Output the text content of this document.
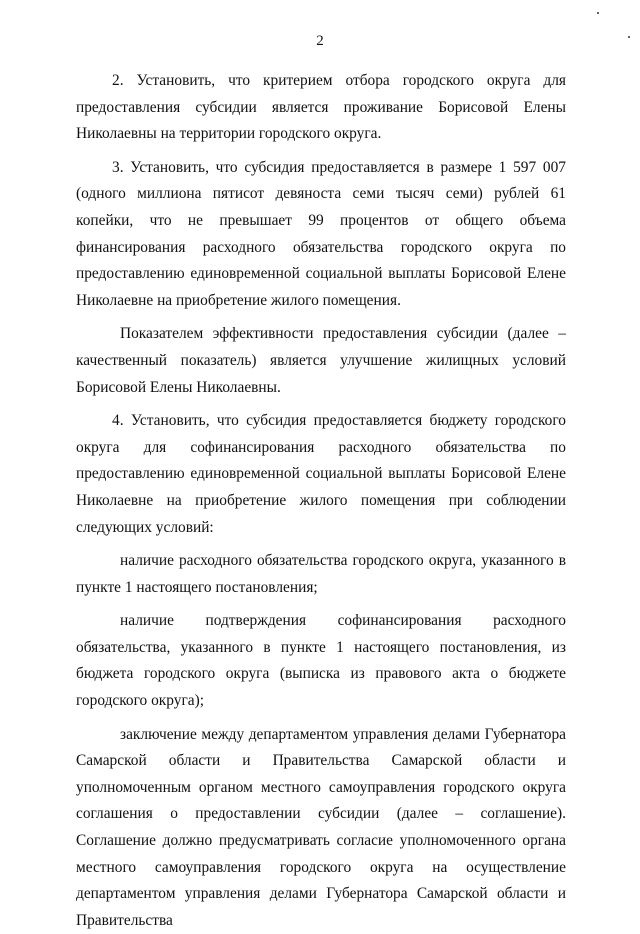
2

2. Установить, что критерием отбора городского округа для предоставления субсидии является проживание Борисовой Елены Николаевны на территории городского округа.

3. Установить, что субсидия предоставляется в размере 1 597 007 (одного миллиона пятисот девяноста семи тысяч семи) рублей 61 копейки, что не превышает 99 процентов от общего объема финансирования расходного обязательства городского округа по предоставлению единовременной социальной выплаты Борисовой Елене Николаевне на приобретение жилого помещения.

Показателем эффективности предоставления субсидии (далее – качественный показатель) является улучшение жилищных условий Борисовой Елены Николаевны.

4. Установить, что субсидия предоставляется бюджету городского округа для софинансирования расходного обязательства по предоставлению единовременной социальной выплаты Борисовой Елене Николаевне на приобретение жилого помещения при соблюдении следующих условий:

наличие расходного обязательства городского округа, указанного в пункте 1 настоящего постановления;

наличие подтверждения софинансирования расходного обязательства, указанного в пункте 1 настоящего постановления, из бюджета городского округа (выписка из правового акта о бюджете городского округа);

заключение между департаментом управления делами Губернатора Самарской области и Правительства Самарской области и уполномоченным органом местного самоуправления городского округа соглашения о предоставлении субсидии (далее – соглашение). Соглашение должно предусматривать согласие уполномоченного органа местного самоуправления городского округа на осуществление департаментом управления делами Губернатора Самарской области и Правительства
